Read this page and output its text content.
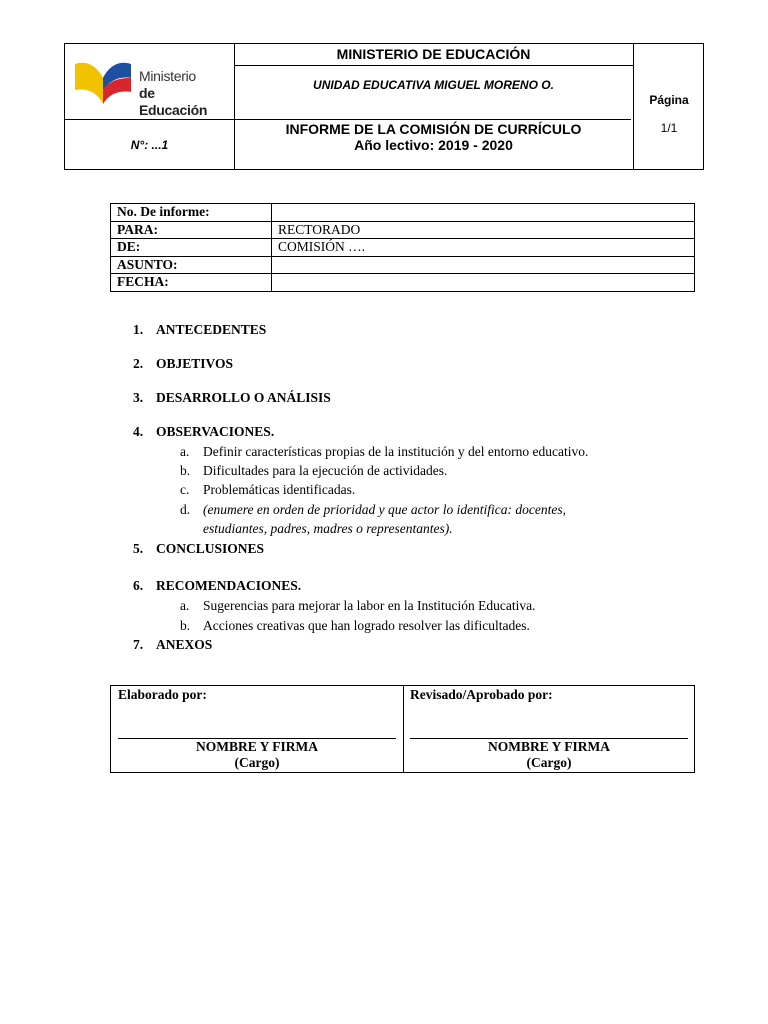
Ministerio
de Educación
MINISTERIO DE EDUCACIÓN
UNIDAD EDUCATIVA MIGUEL MORENO O.
Página
1/1
N°: ...1
INFORME DE LA COMISIÓN DE CURRÍCULO
Año lectivo: 2019 - 2020
No. De informe:	
PARA:	RECTORADO
DE:	COMISIÓN ….
ASUNTO:	
FECHA:	
1. ANTECEDENTES
2. OBJETIVOS
3. DESARROLLO O ANÁLISIS
4. OBSERVACIONES.
a. Definir características propias de la institución y del entorno educativo.
b. Dificultades para la ejecución de actividades.
c. Problemáticas identificadas.
d. (enumere en orden de prioridad y que actor lo identifica: docentes,
estudiantes, padres, madres o representantes).
5. CONCLUSIONES
6. RECOMENDACIONES.
a. Sugerencias para mejorar la labor en la Institución Educativa.
b. Acciones creativas que han logrado resolver las dificultades.
7. ANEXOS
Elaborado por:
NOMBRE Y FIRMA
(Cargo)
Revisado/Aprobado por:
NOMBRE Y FIRMA
(Cargo)
